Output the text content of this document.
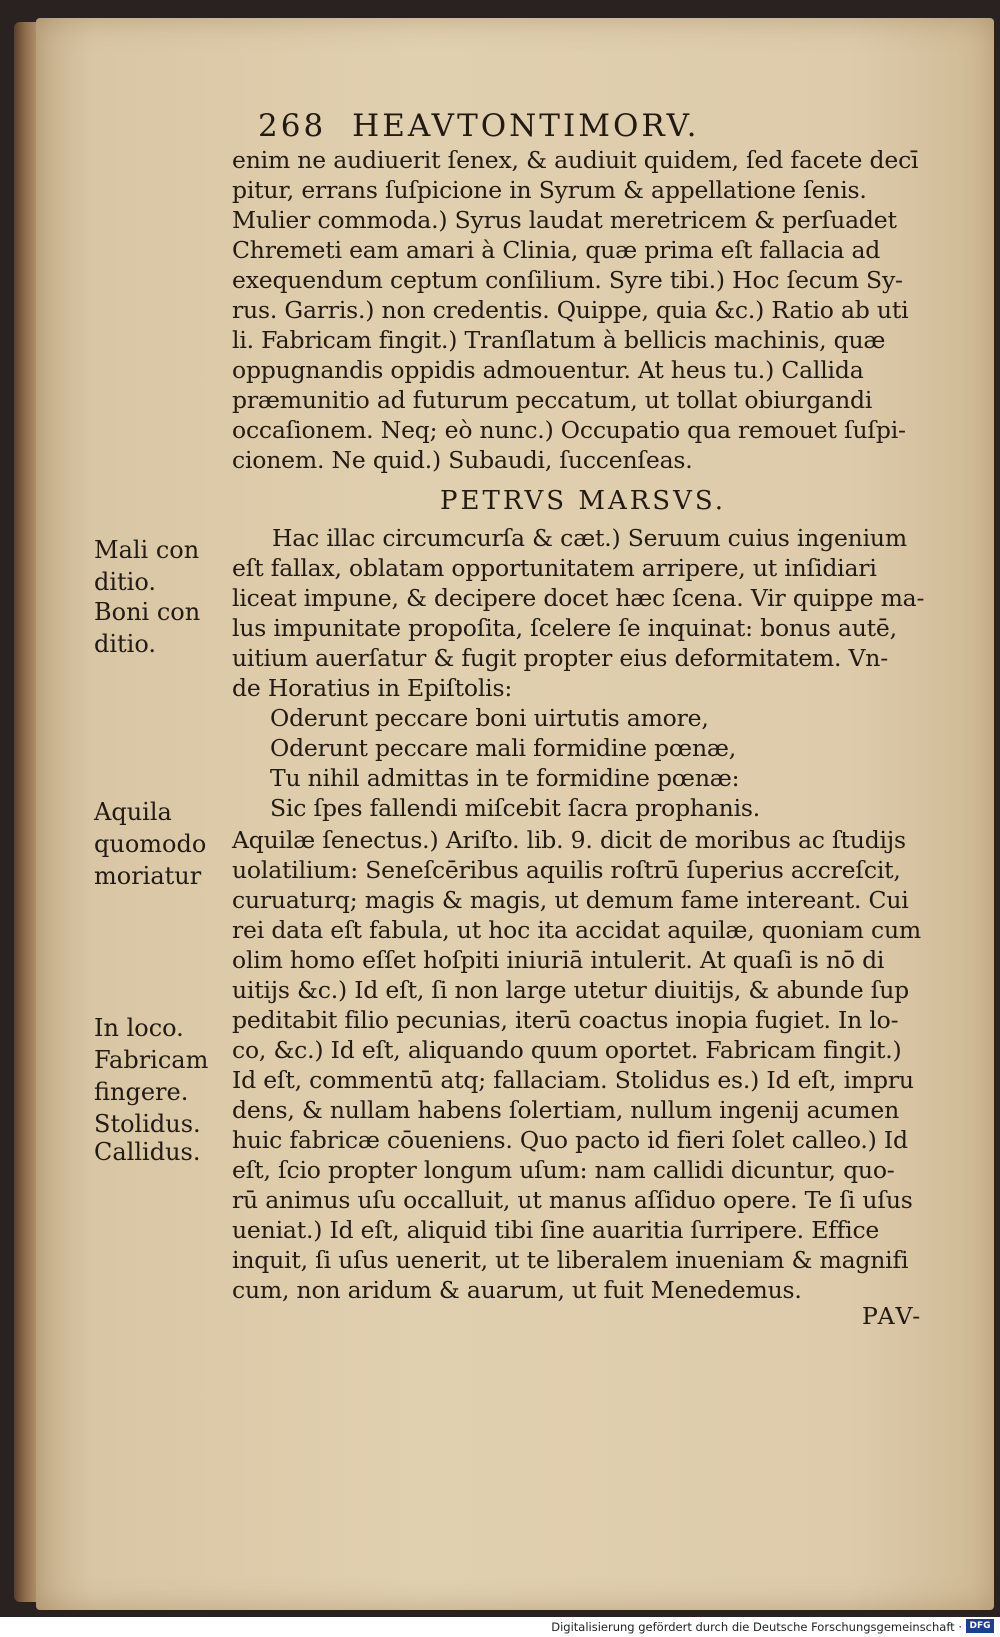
268 HEAVTONTIMORV.
enim ne audiuerit ſenex, & audiuit quidem, ſed facete decī
pitur, errans ſuſpicione in Syrum & appellatione ſenis.
Mulier commoda.) Syrus laudat meretricem & perſuadet
Chremeti eam amari à Clinia, quæ prima eſt fallacia ad
exequendum ceptum conſilium. Syre tibi.) Hoc ſecum Sy-
rus. Garris.) non credentis. Quippe, quia &c.) Ratio ab uti
li. Fabricam fingit.) Tranſlatum à bellicis machinis, quæ
oppugnandis oppidis admouentur. At heus tu.) Callida
præmunitio ad futurum peccatum, ut tollat obiurgandi
occaſionem. Neq; eò nunc.) Occupatio qua remouet ſuſpi-
cionem. Ne quid.) Subaudi, ſuccenſeas.
PETRVS MARSVS.
Hac illac circumcurſa & cæt.) Seruum cuius ingenium
eſt fallax, oblatam opportunitatem arripere, ut inſidiari
liceat impune, & decipere docet hæc ſcena. Vir quippe ma-
lus impunitate propoſita, ſcelere ſe inquinat: bonus autē,
uitium auerſatur & fugit propter eius deformitatem. Vn-
de Horatius in Epiſtolis:
Oderunt peccare boni uirtutis amore,
Oderunt peccare mali formidine pœnæ,
Tu nihil admittas in te formidine pœnæ:
Sic ſpes fallendi miſcebit ſacra prophanis.
Aquilæ ſenectus.) Ariſto. lib. 9. dicit de moribus ac ſtudijs
uolatilium: Seneſcēribus aquilis roſtrū ſuperius accreſcit,
curuaturq; magis & magis, ut demum fame intereant. Cui
rei data eſt fabula, ut hoc ita accidat aquilæ, quoniam cum
olim homo eſſet hoſpiti iniuriā intulerit. At quaſi is nō di
uitijs &c.) Id eſt, ſi non large utetur diuitijs, & abunde ſup
peditabit filio pecunias, iterū coactus inopia fugiet. In lo-
co, &c.) Id eſt, aliquando quum oportet. Fabricam fingit.)
Id eſt, commentū atq; fallaciam. Stolidus es.) Id eſt, impru
dens, & nullam habens ſolertiam, nullum ingenij acumen
huic fabricæ cōueniens. Quo pacto id fieri ſolet calleo.) Id
eſt, ſcio propter longum uſum: nam callidi dicuntur, quo-
rū animus uſu occalluit, ut manus aſſiduo opere. Te ſi uſus
ueniat.) Id eſt, aliquid tibi ſine auaritia ſurripere. Effice
inquit, ſi uſus uenerit, ut te liberalem inueniam & magnifi
cum, non aridum & auarum, ut fuit Menedemus.
PAV-
Mali con
ditio.
Boni con
ditio.
Aquila
quomodo
moriatur
In loco.
Fabricam
fingere.
Stolidus.
Callidus.
Digitalisierung gefördert durch die Deutsche Forschungsgemeinschaft · DFG
